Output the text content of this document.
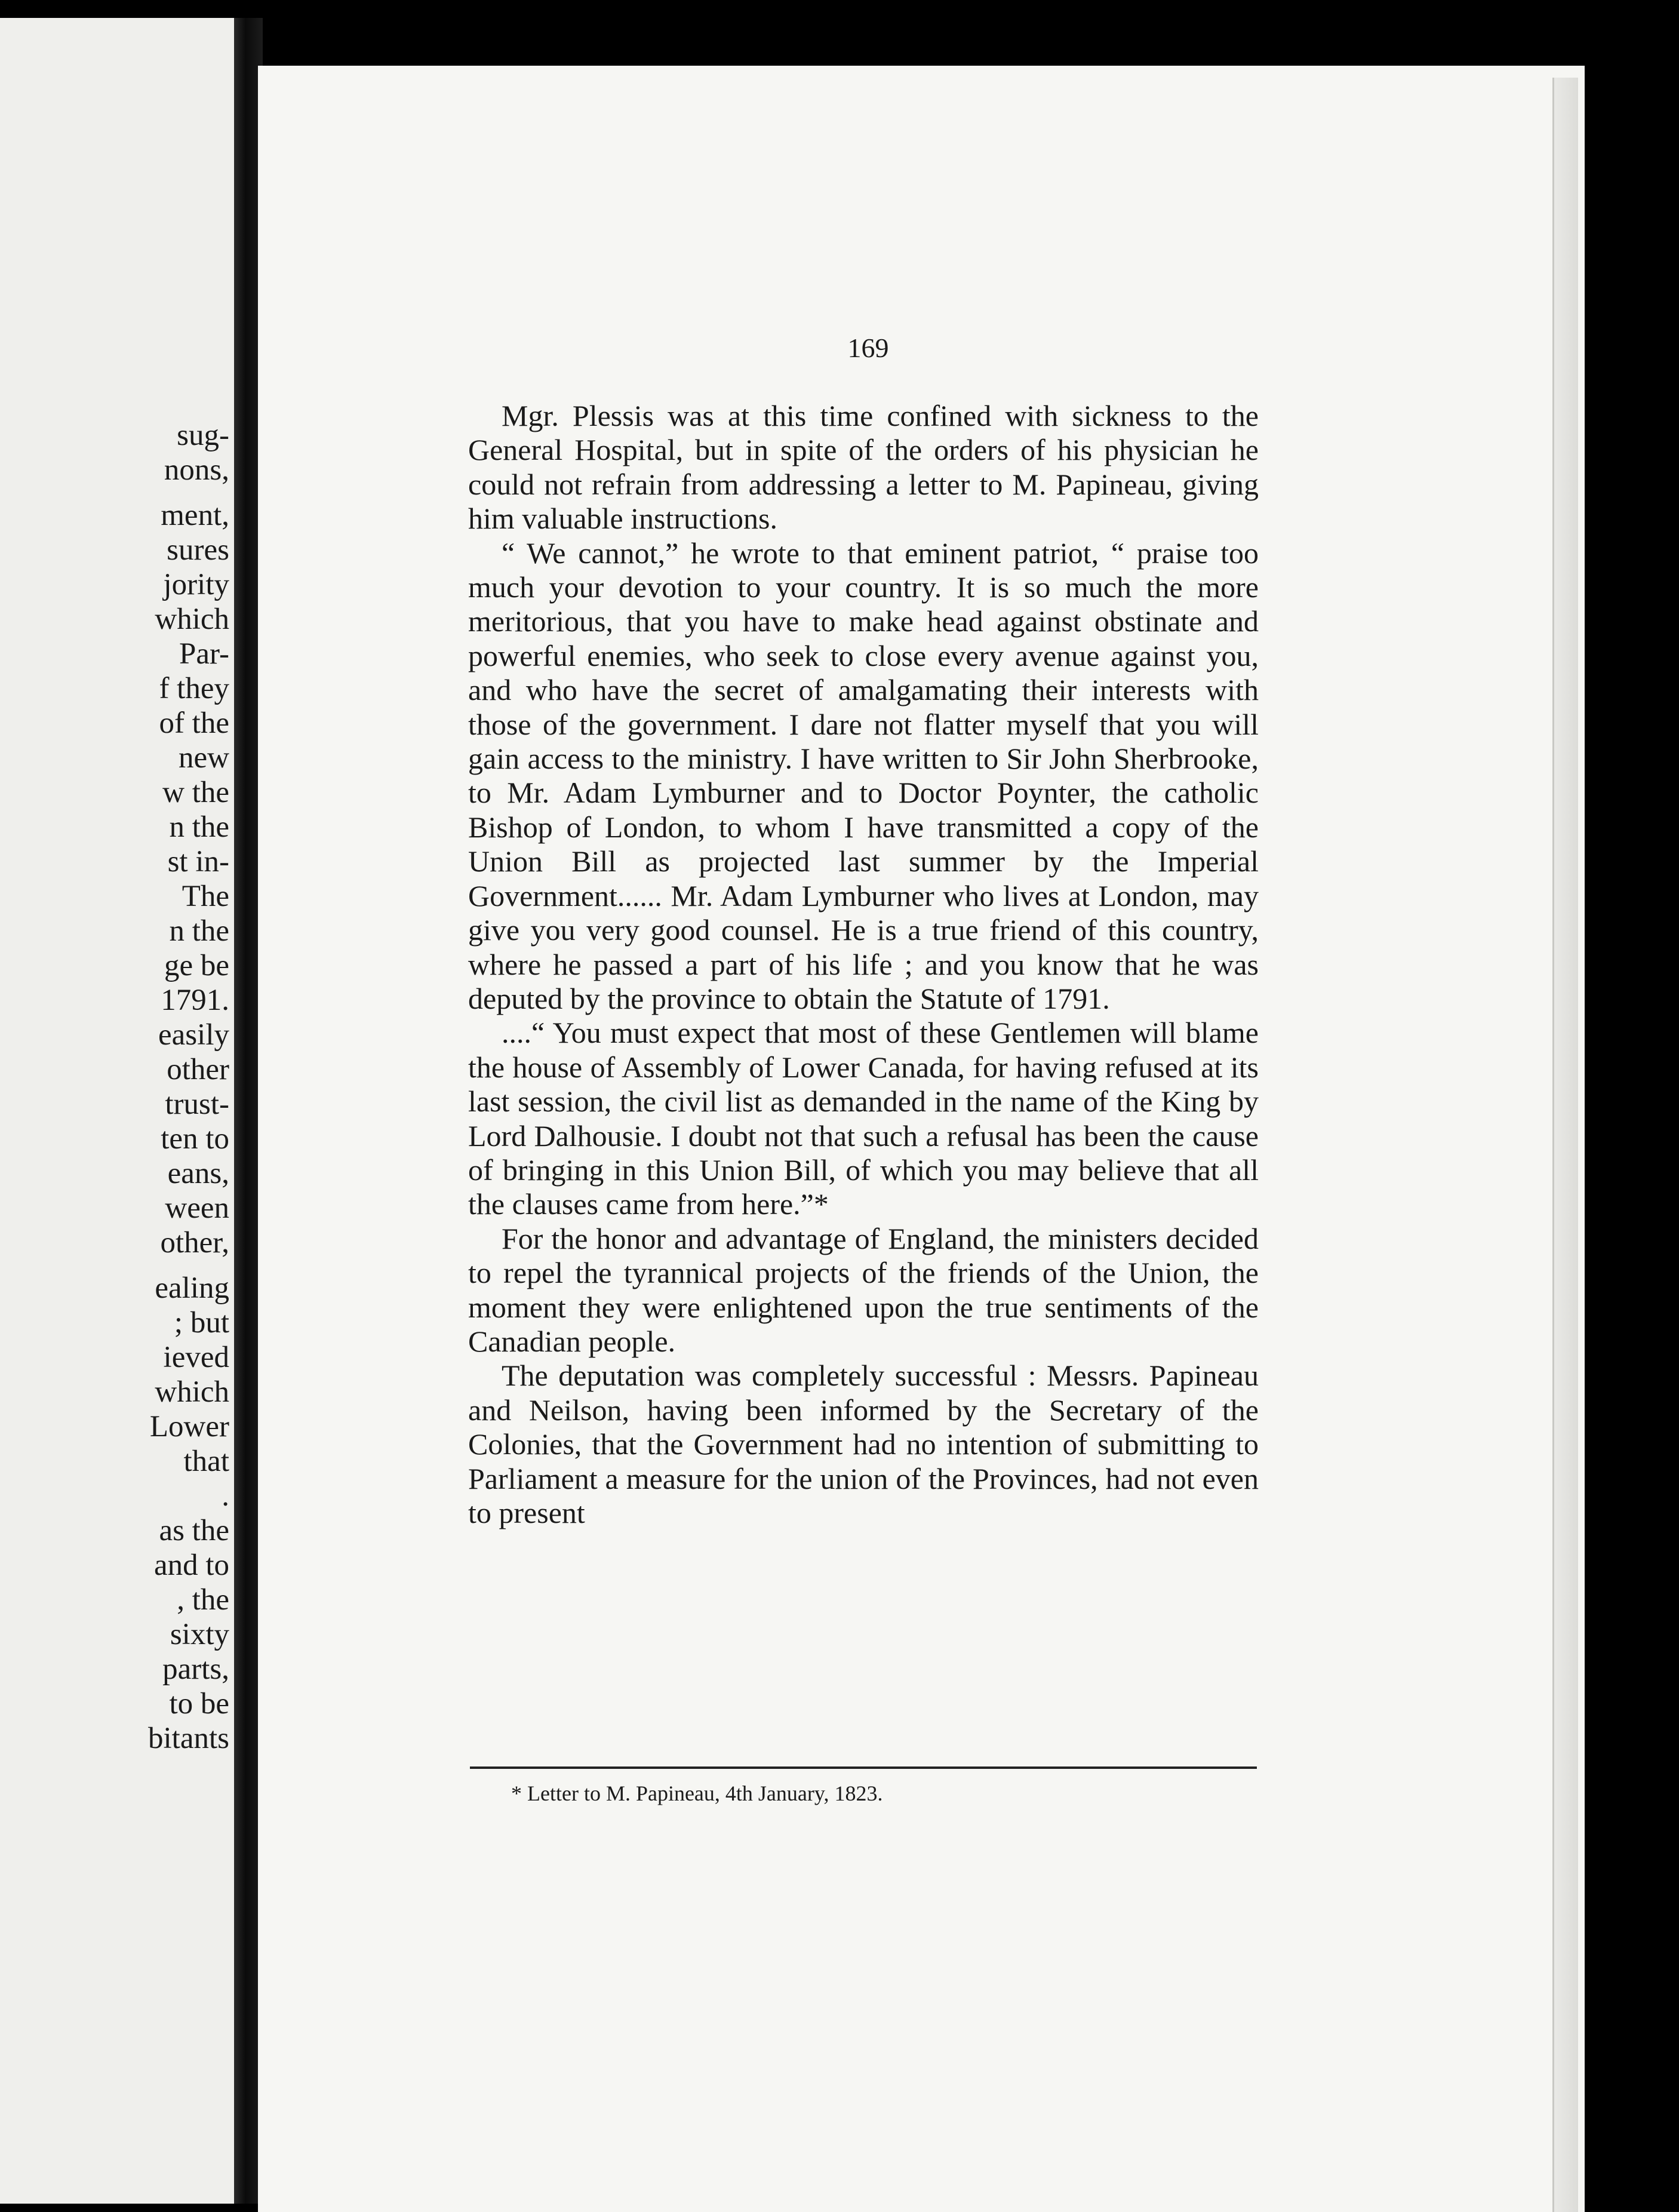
sug-
nons,
ment,
sures
jority
which
Par-
f they
of the
new
w the
n the
st in-
The
n the
ge be
1791.
easily
other
trust-
ten to
eans,
ween
other,
ealing
; but
ieved
which
Lower
that
.
as the
and to
, the
sixty
parts,
to be
bitants
169

Mgr. Plessis was at this time confined with sickness to the General Hospital, but in spite of the orders of his physician he could not refrain from addressing a letter to M. Papineau, giving him valuable instructions.

“ We cannot,” he wrote to that eminent patriot, “ praise too much your devotion to your country. It is so much the more meritorious, that you have to make head against obstinate and powerful enemies, who seek to close every avenue against you, and who have the secret of amalgamating their interests with those of the government. I dare not flatter myself that you will gain access to the ministry. I have written to Sir John Sherbrooke, to Mr. Adam Lymburner and to Doctor Poynter, the catholic Bishop of London, to whom I have transmitted a copy of the Union Bill as projected last summer by the Imperial Government...... Mr. Adam Lymburner who lives at London, may give you very good counsel. He is a true friend of this country, where he passed a part of his life ; and you know that he was deputed by the province to obtain the Statute of 1791.

....“ You must expect that most of these Gentlemen will blame the house of Assembly of Lower Canada, for having refused at its last session, the civil list as demanded in the name of the King by Lord Dalhousie. I doubt not that such a refusal has been the cause of bringing in this Union Bill, of which you may believe that all the clauses came from here.”*

For the honor and advantage of England, the ministers decided to repel the tyrannical projects of the friends of the Union, the moment they were enlightened upon the true sentiments of the Canadian people.

The deputation was completely successful : Messrs. Papineau and Neilson, having been informed by the Secretary of the Colonies, that the Government had no intention of submitting to Parliament a measure for the union of the Provinces, had not even to present

* Letter to M. Papineau, 4th January, 1823.
